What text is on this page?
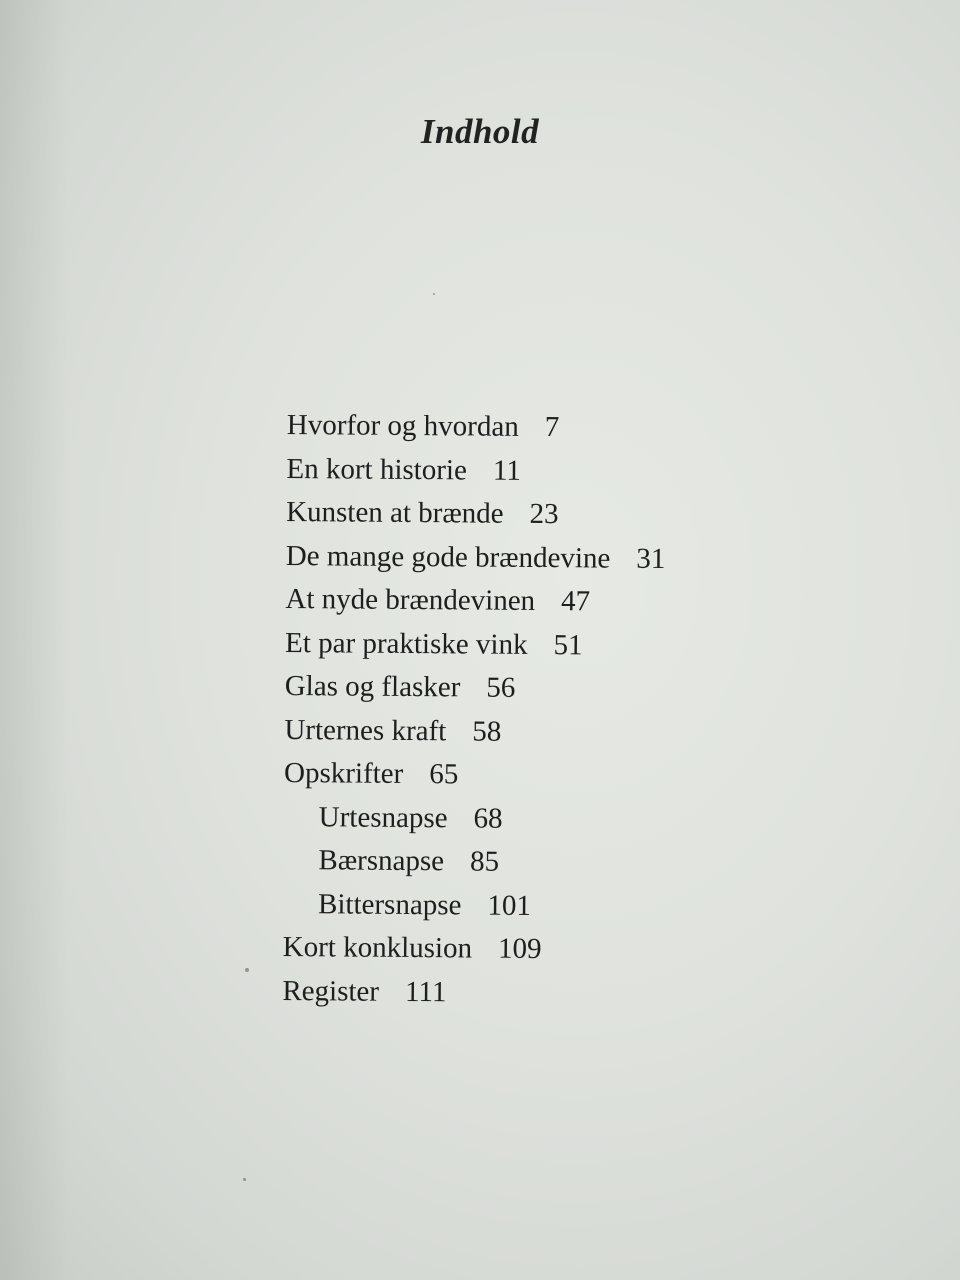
Indhold
Hvorfor og hvordan 7
En kort historie 11
Kunsten at brænde 23
De mange gode brændevine 31
At nyde brændevinen 47
Et par praktiske vink 51
Glas og flasker 56
Urternes kraft 58
Opskrifter 65
Urtesnapse 68
Bærsnapse 85
Bittersnapse 101
Kort konklusion 109
Register 111
